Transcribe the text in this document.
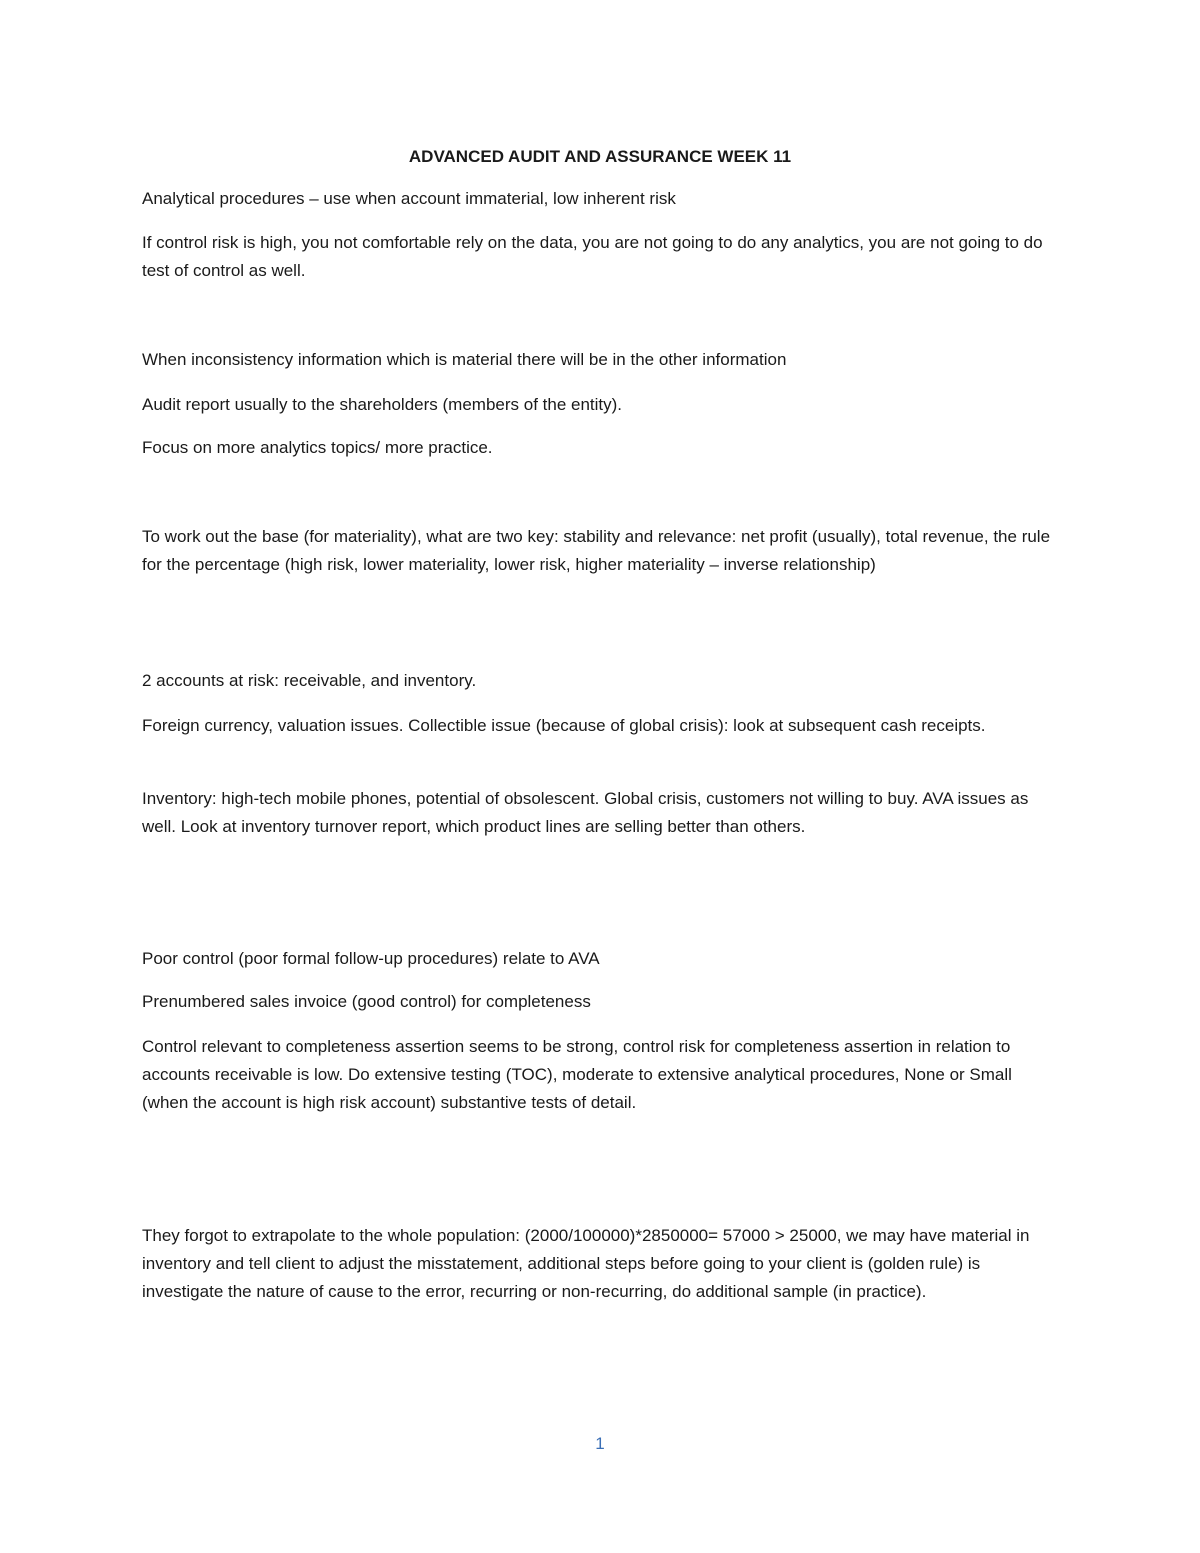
ADVANCED AUDIT AND ASSURANCE WEEK 11

Analytical procedures – use when account immaterial, low inherent risk

If control risk is high, you not comfortable rely on the data, you are not going to do any analytics, you are not going to do test of control as well.

When inconsistency information which is material there will be in the other information

Audit report usually to the shareholders (members of the entity).

Focus on more analytics topics/ more practice.

To work out the base (for materiality), what are two key: stability and relevance: net profit (usually), total revenue, the rule for the percentage (high risk, lower materiality, lower risk, higher materiality – inverse relationship)

2 accounts at risk: receivable, and inventory.

Foreign currency, valuation issues. Collectible issue (because of global crisis): look at subsequent cash receipts.

Inventory: high-tech mobile phones, potential of obsolescent. Global crisis, customers not willing to buy. AVA issues as well. Look at inventory turnover report, which product lines are selling better than others.

Poor control (poor formal follow-up procedures) relate to AVA

Prenumbered sales invoice (good control) for completeness

Control relevant to completeness assertion seems to be strong, control risk for completeness assertion in relation to accounts receivable is low. Do extensive testing (TOC), moderate to extensive analytical procedures, None or Small (when the account is high risk account) substantive tests of detail.

They forgot to extrapolate to the whole population: (2000/100000)*2850000= 57000 > 25000, we may have material in inventory and tell client to adjust the misstatement, additional steps before going to your client is (golden rule) is investigate the nature of cause to the error, recurring or non-recurring, do additional sample (in practice).

1
